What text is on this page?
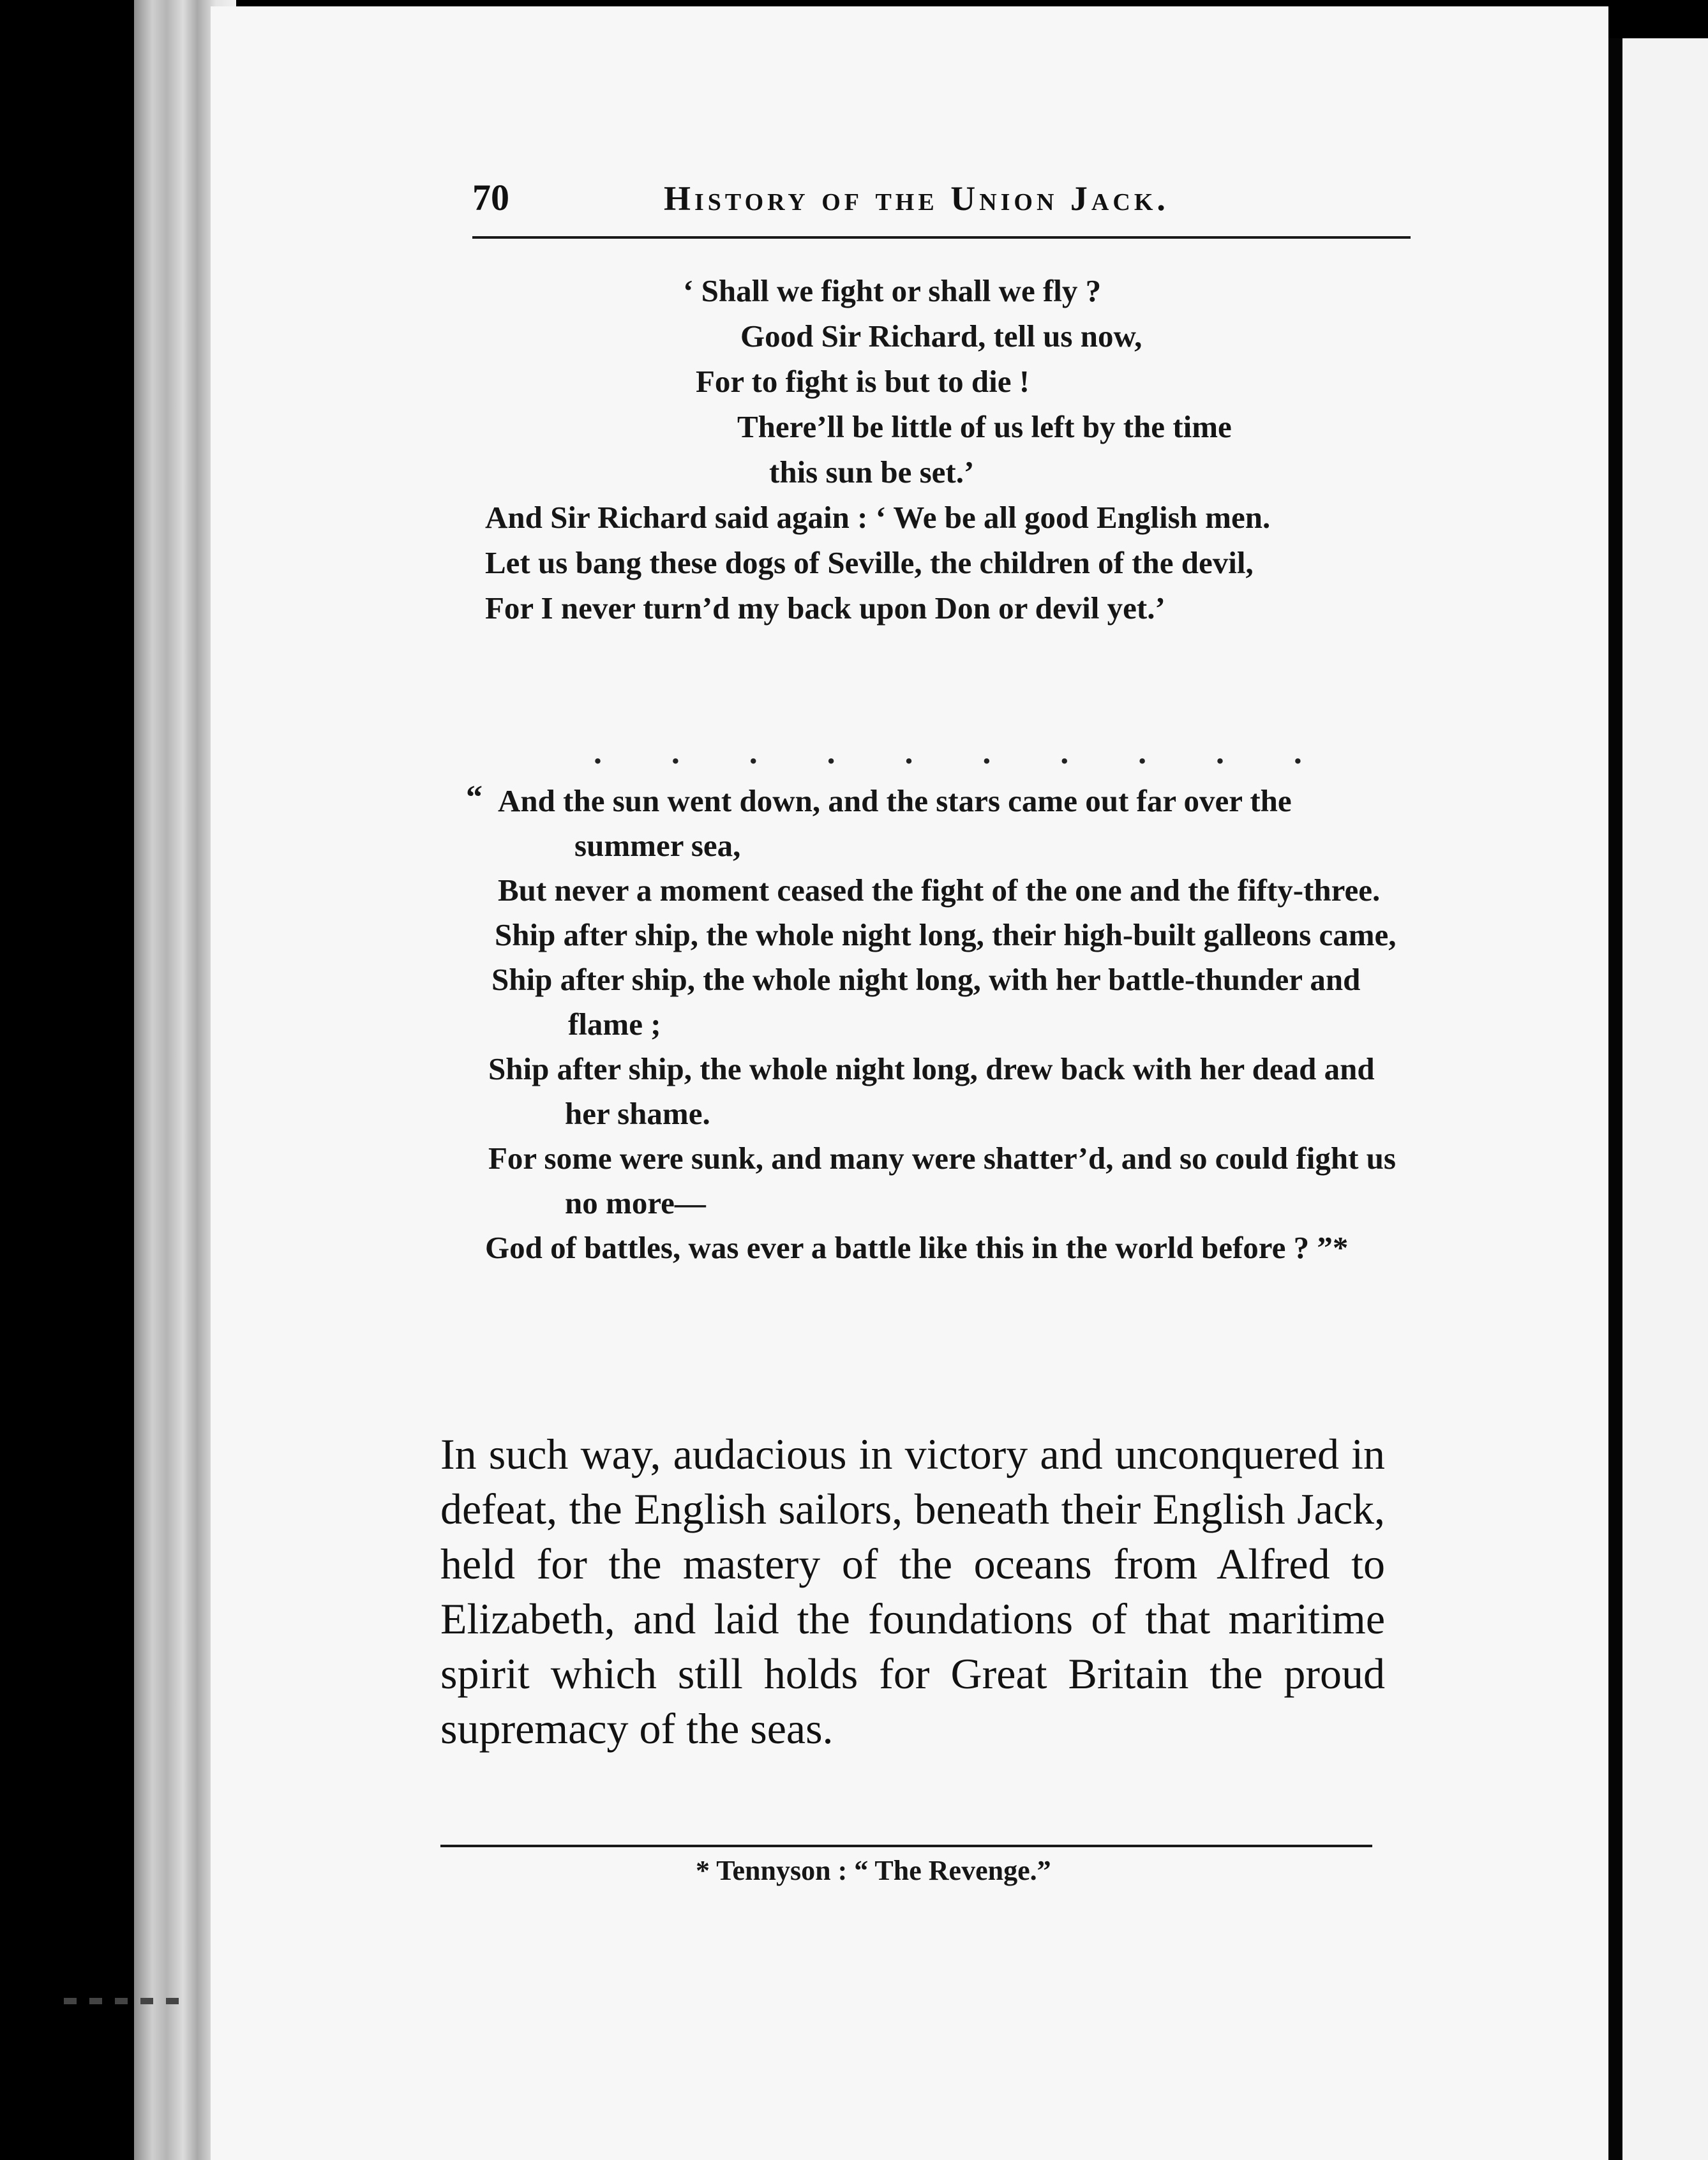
70	History of the Union Jack.
‘ Shall we fight or shall we fly ?
Good Sir Richard, tell us now,
For to fight is but to die !
There’ll be little of us left by the time
this sun be set.’
And Sir Richard said again : ‘ We be all good English men.
Let us bang these dogs of Seville, the children of the devil,
For I never turn’d my back upon Don or devil yet.’
. . . . . . . . . .
“ And the sun went down, and the stars came out far over the summer sea,
But never a moment ceased the fight of the one and the fifty-three.
Ship after ship, the whole night long, their high-built galleons came,
Ship after ship, the whole night long, with her battle-thunder and flame ;
Ship after ship, the whole night long, drew back with her dead and her shame.
For some were sunk, and many were shatter’d, and so could fight us no more—
God of battles, was ever a battle like this in the world before ? ”*
In such way, audacious in victory and unconquered in defeat, the English sailors, beneath their English Jack, held for the mastery of the oceans from Alfred to Elizabeth, and laid the foundations of that maritime spirit which still holds for Great Britain the proud supremacy of the seas.
* Tennyson : “ The Revenge.”
